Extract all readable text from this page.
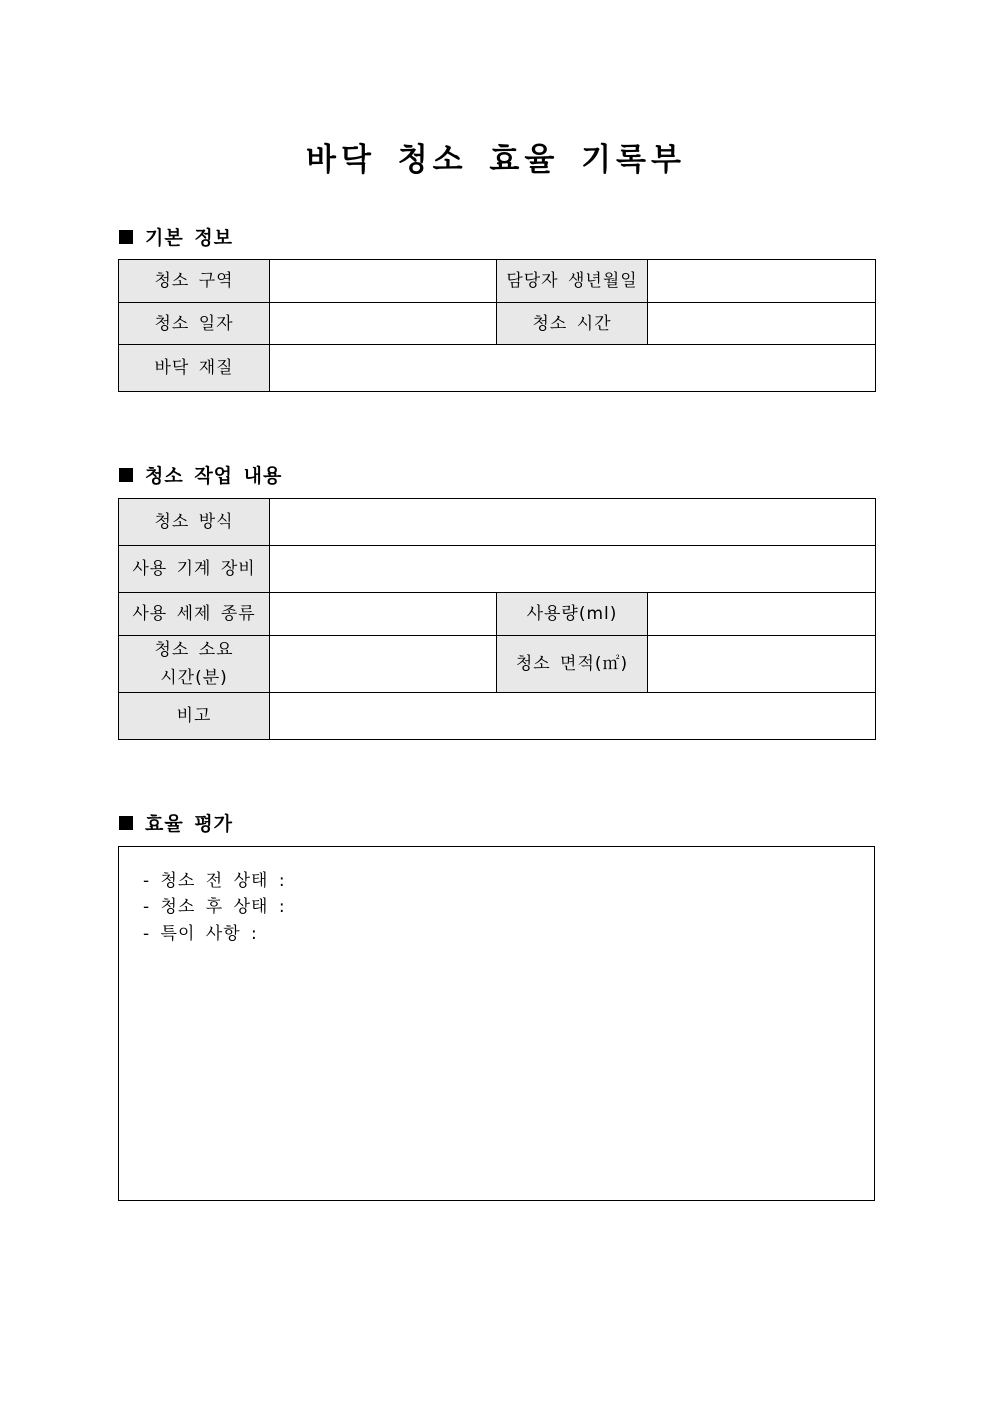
바닥 청소 효율 기록부
기본 정보
청소 구역		담당자 생년월일	
청소 일자		청소 시간	
바닥 재질			
청소 작업 내용
청소 방식			
사용 기계 장비			
사용 세제 종류		사용량(ml)	

청소 소요
시간(분)		청소 면적(㎡)	
비고			
효율 평가
- 청소 전 상태 :
- 청소 후 상태 :
- 특이 사항 :
